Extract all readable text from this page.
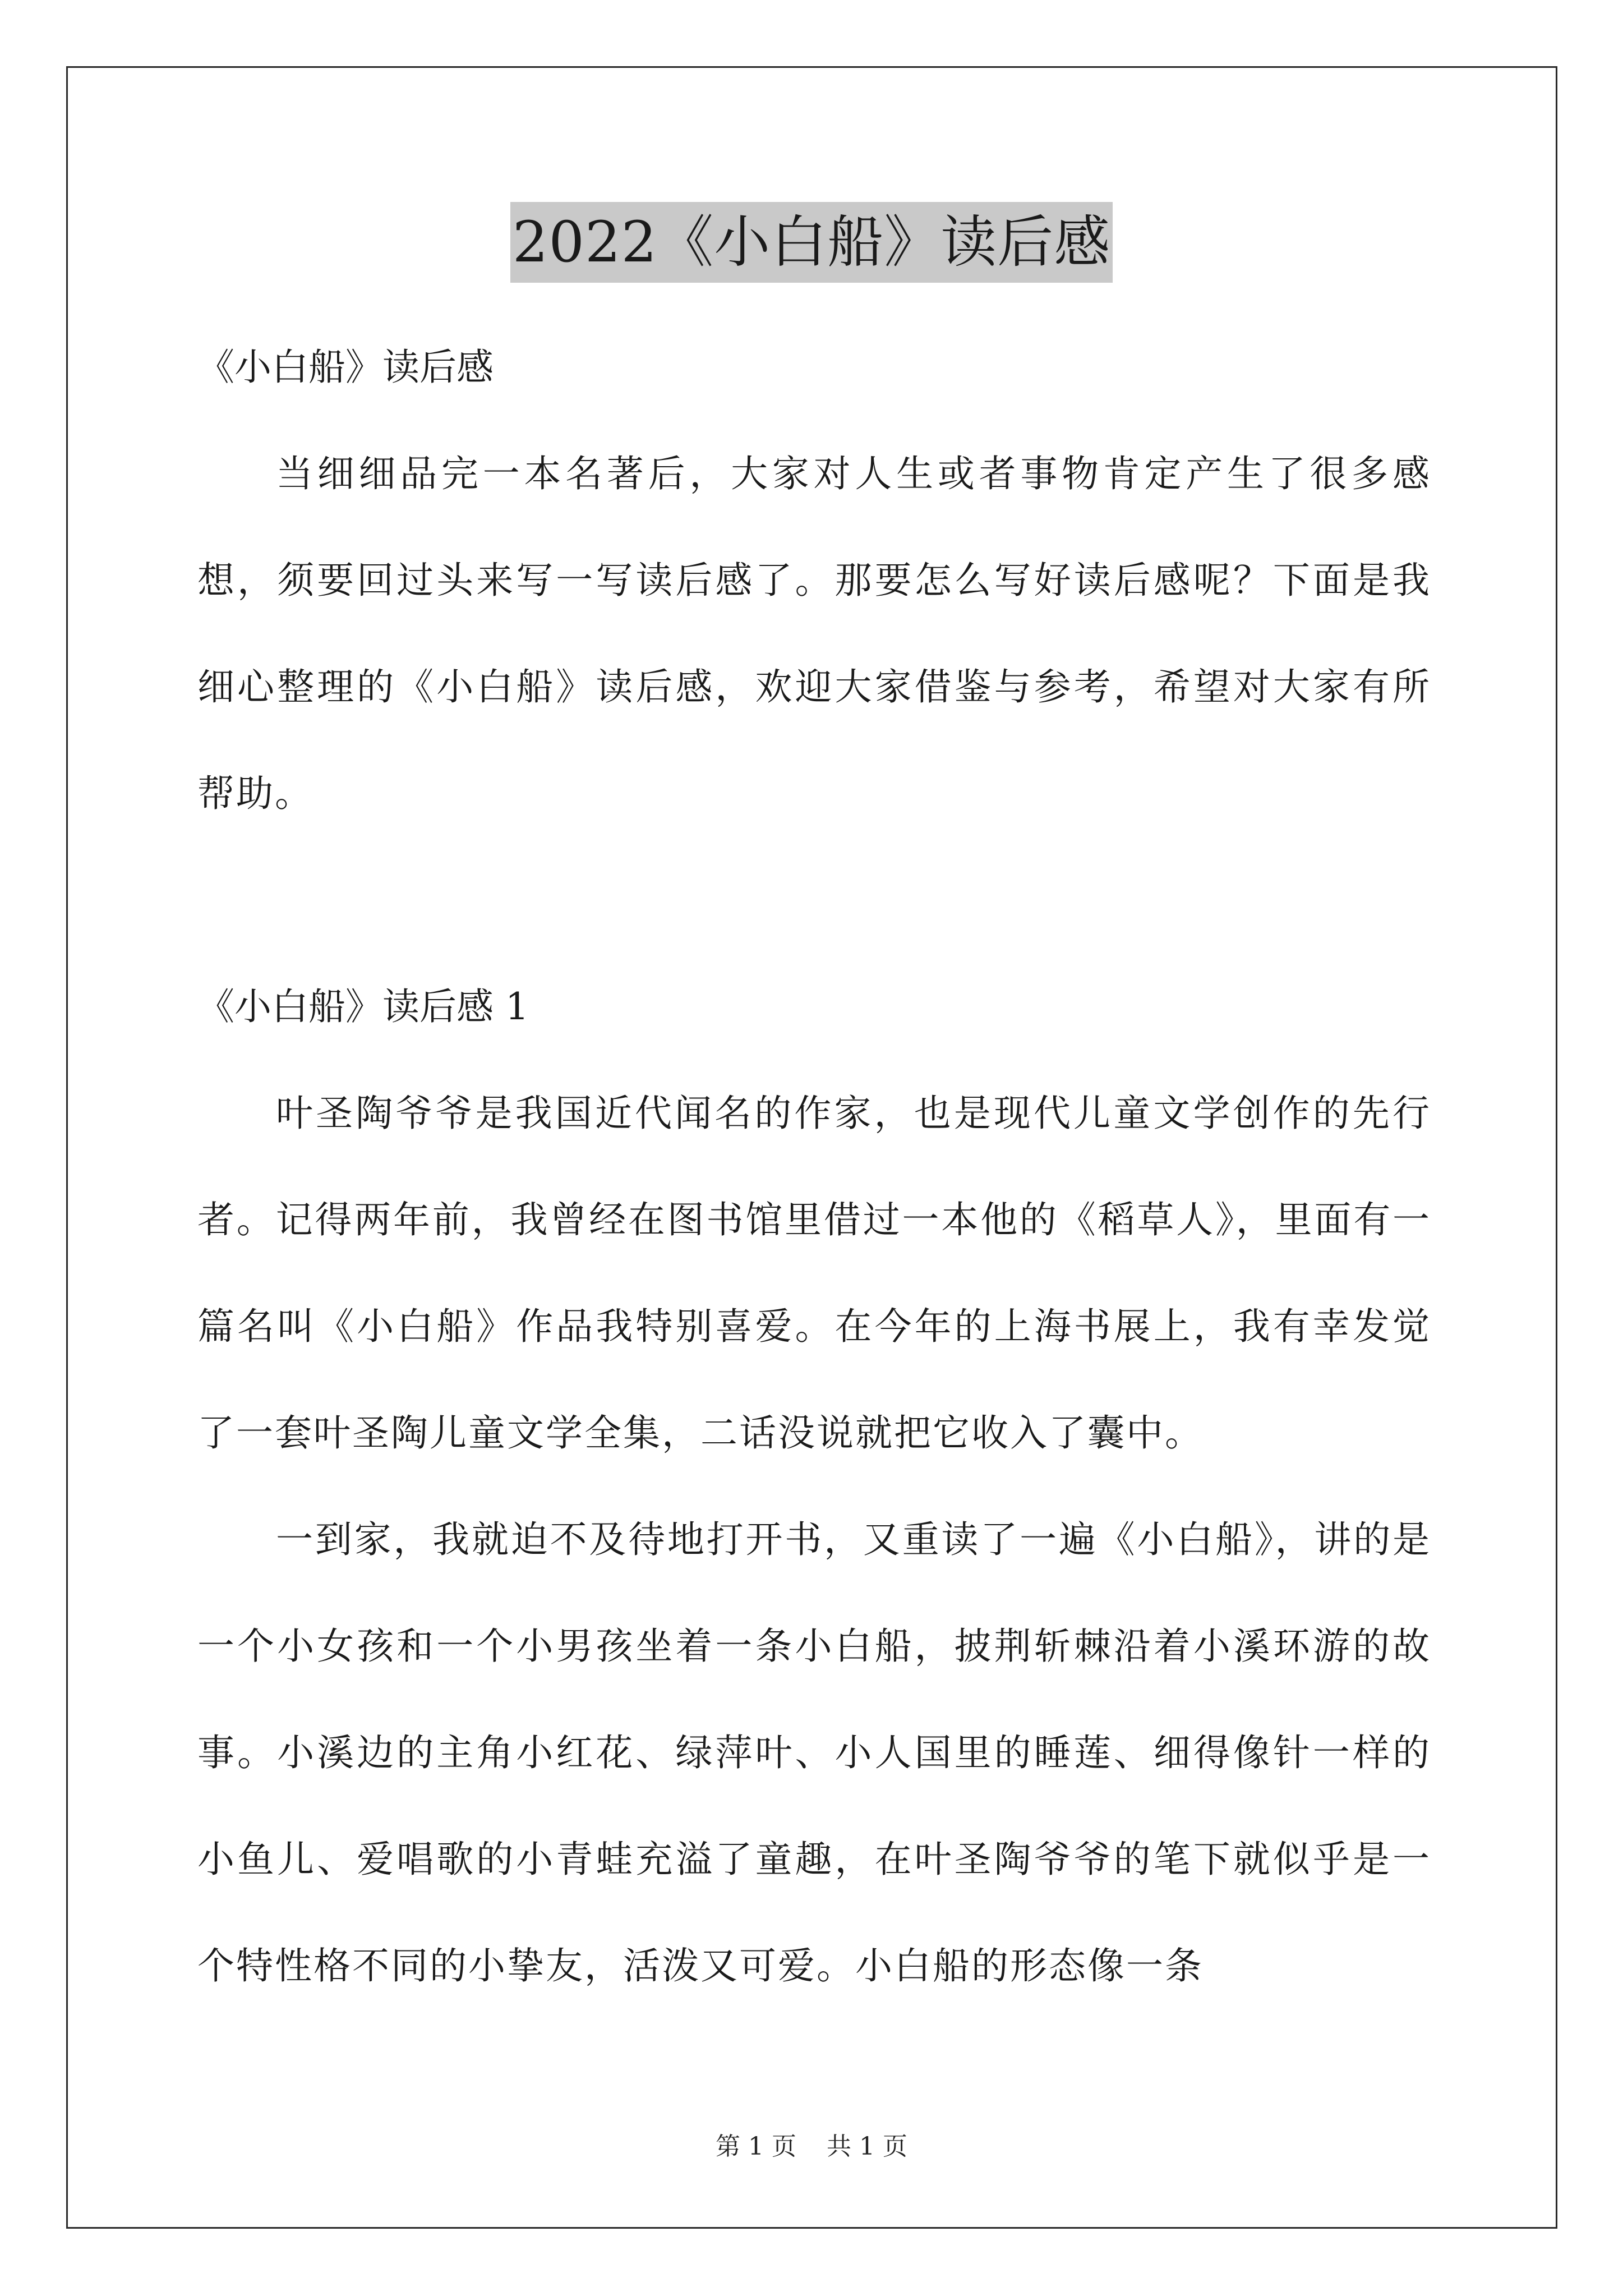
2022《小白船》读后感

《小白船》读后感

当细细品完一本名著后，大家对人生或者事物肯定产生了很多感想，须要回过头来写一写读后感了。那要怎么写好读后感呢？下面是我细心整理的《小白船》读后感，欢迎大家借鉴与参考，希望对大家有所帮助。

《小白船》读后感 1

叶圣陶爷爷是我国近代闻名的作家，也是现代儿童文学创作的先行者。记得两年前，我曾经在图书馆里借过一本他的《稻草人》，里面有一篇名叫《小白船》作品我特别喜爱。在今年的上海书展上，我有幸发觉了一套叶圣陶儿童文学全集，二话没说就把它收入了囊中。

一到家，我就迫不及待地打开书，又重读了一遍《小白船》，讲的是一个小女孩和一个小男孩坐着一条小白船，披荆斩棘沿着小溪环游的故事。小溪边的主角小红花、绿萍叶、小人国里的睡莲、细得像针一样的小鱼儿、爱唱歌的小青蛙充溢了童趣，在叶圣陶爷爷的笔下就似乎是一个特性格不同的小挚友，活泼又可爱。小白船的形态像一条

第 1 页 共 1 页
